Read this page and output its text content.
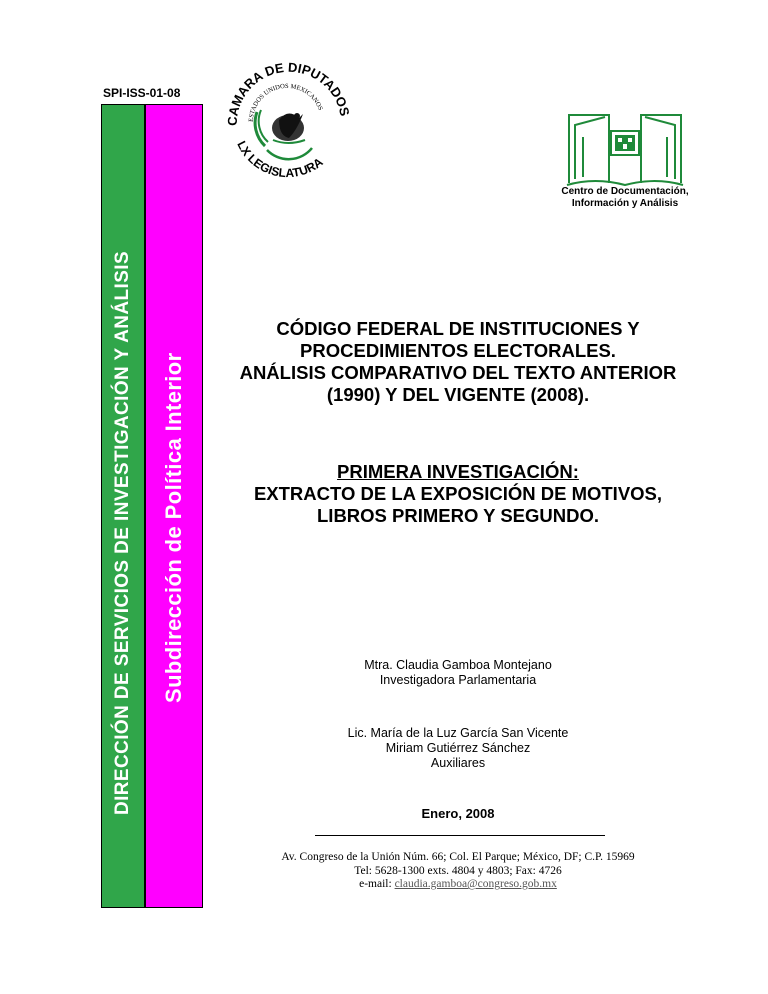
SPI-ISS-01-08
DIRECCIÓN DE SERVICIOS DE INVESTIGACIÓN Y ANÁLISIS Subdirección de Política Interior
CAMARA DE DIPUTADOS
ESTADOS UNIDOS MEXICANOS
LX LEGISLATURA
Centro de Documentación,
Información y Análisis
CÓDIGO FEDERAL DE INSTITUCIONES Y
PROCEDIMIENTOS ELECTORALES.
ANÁLISIS COMPARATIVO DEL TEXTO ANTERIOR
(1990) Y DEL VIGENTE (2008).
PRIMERA INVESTIGACIÓN:
EXTRACTO DE LA EXPOSICIÓN DE MOTIVOS,
LIBROS PRIMERO Y SEGUNDO.
Mtra. Claudia Gamboa Montejano
Investigadora Parlamentaria
Lic. María de la Luz García San Vicente
Miriam Gutiérrez Sánchez
Auxiliares
Enero, 2008
Av. Congreso de la Unión Núm. 66; Col. El Parque; México, DF; C.P. 15969
Tel: 5628-1300 exts. 4804 y 4803; Fax: 4726
e-mail: claudia.gamboa@congreso.gob.mx
